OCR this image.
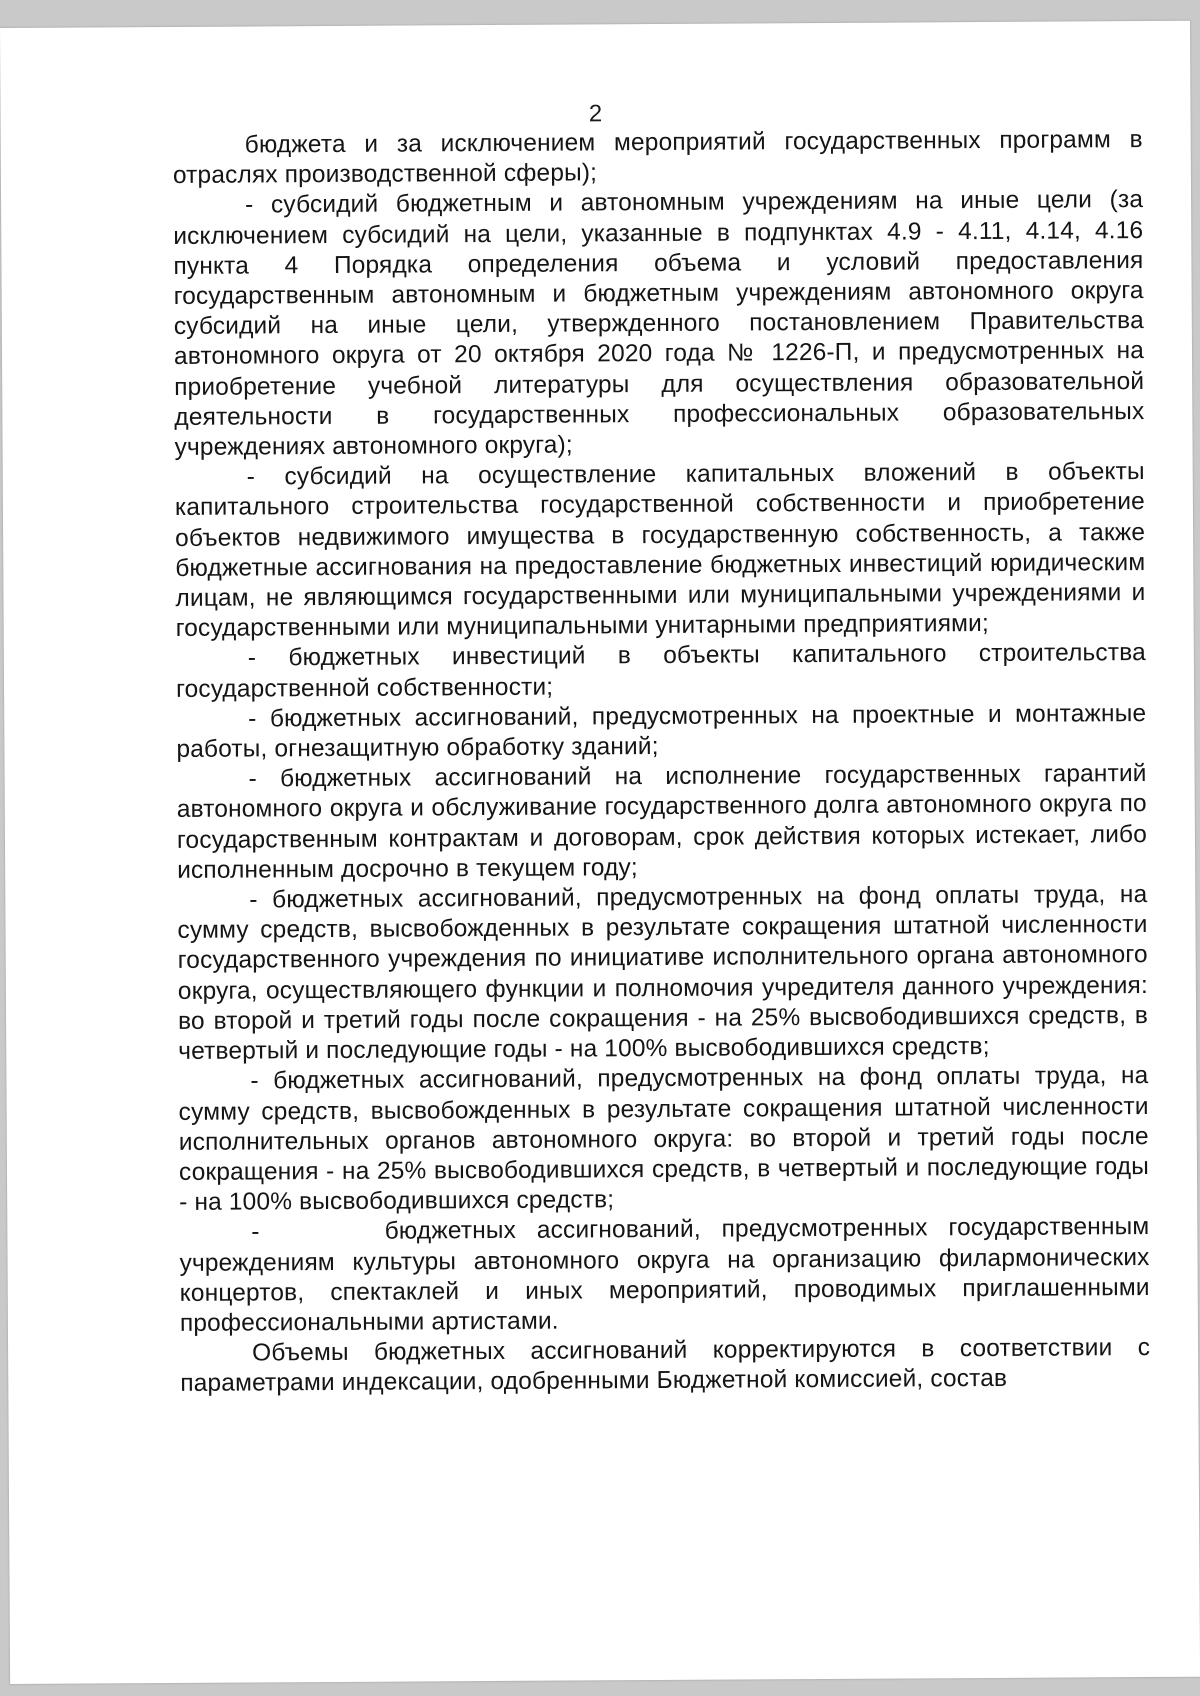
2

бюджета и за исключением мероприятий государственных программ в отраслях производственной сферы);

- субсидий бюджетным и автономным учреждениям на иные цели (за исключением субсидий на цели, указанные в подпунктах 4.9 - 4.11, 4.14, 4.16 пункта 4 Порядка определения объема и условий предоставления государственным автономным и бюджетным учреждениям автономного округа субсидий на иные цели, утвержденного постановлением Правительства автономного округа от 20 октября 2020 года № 1226-П, и предусмотренных на приобретение учебной литературы для осуществления образовательной деятельности в государственных профессиональных образовательных учреждениях автономного округа);

- субсидий на осуществление капитальных вложений в объекты капитального строительства государственной собственности и приобретение объектов недвижимого имущества в государственную собственность, а также бюджетные ассигнования на предоставление бюджетных инвестиций юридическим лицам, не являющимся государственными или муниципальными учреждениями и государственными или муниципальными унитарными предприятиями;

- бюджетных инвестиций в объекты капитального строительства государственной собственности;

- бюджетных ассигнований, предусмотренных на проектные и монтажные работы, огнезащитную обработку зданий;

- бюджетных ассигнований на исполнение государственных гарантий автономного округа и обслуживание государственного долга автономного округа по государственным контрактам и договорам, срок действия которых истекает, либо исполненным досрочно в текущем году;

- бюджетных ассигнований, предусмотренных на фонд оплаты труда, на сумму средств, высвобожденных в результате сокращения штатной численности государственного учреждения по инициативе исполнительного органа автономного округа, осуществляющего функции и полномочия учредителя данного учреждения: во второй и третий годы после сокращения - на 25% высвободившихся средств, в четвертый и последующие годы - на 100% высвободившихся средств;

- бюджетных ассигнований, предусмотренных на фонд оплаты труда, на сумму средств, высвобожденных в результате сокращения штатной численности исполнительных органов автономного округа: во второй и третий годы после сокращения - на 25% высвободившихся средств, в четвертый и последующие годы - на 100% высвободившихся средств;

-      бюджетных ассигнований, предусмотренных государственным учреждениям культуры автономного округа на организацию филармонических концертов, спектаклей и иных мероприятий, проводимых приглашенными профессиональными артистами.

Объемы бюджетных ассигнований корректируются в соответствии с параметрами индексации, одобренными Бюджетной комиссией, состав
